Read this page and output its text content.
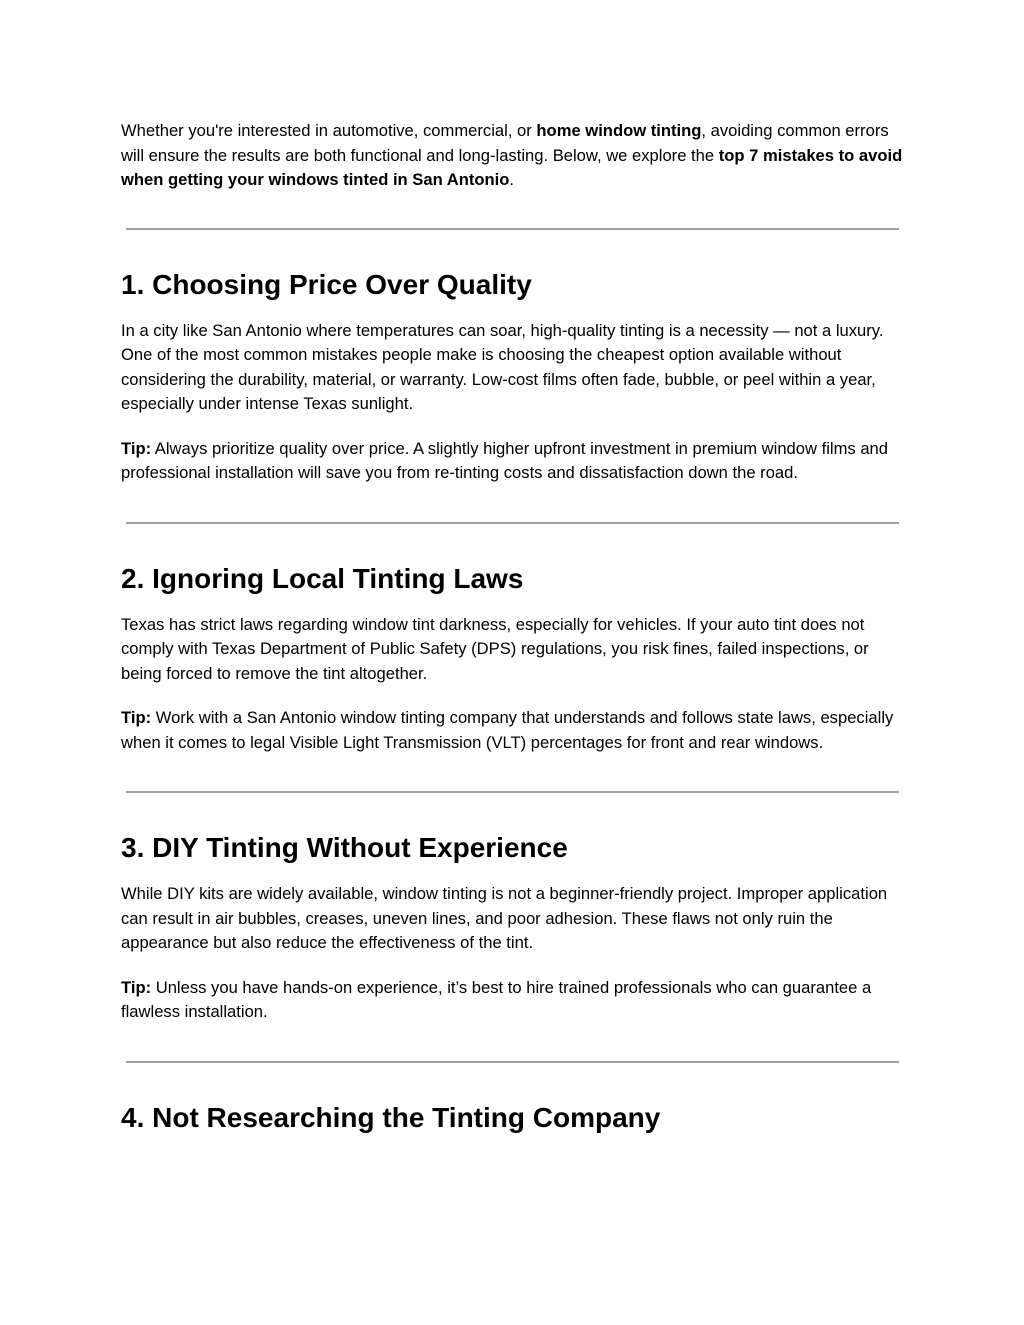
Whether you're interested in automotive, commercial, or home window tinting, avoiding common errors will ensure the results are both functional and long-lasting. Below, we explore the top 7 mistakes to avoid when getting your windows tinted in San Antonio.

1. Choosing Price Over Quality

In a city like San Antonio where temperatures can soar, high-quality tinting is a necessity — not a luxury. One of the most common mistakes people make is choosing the cheapest option available without considering the durability, material, or warranty. Low-cost films often fade, bubble, or peel within a year, especially under intense Texas sunlight.

Tip: Always prioritize quality over price. A slightly higher upfront investment in premium window films and professional installation will save you from re-tinting costs and dissatisfaction down the road.

2. Ignoring Local Tinting Laws

Texas has strict laws regarding window tint darkness, especially for vehicles. If your auto tint does not comply with Texas Department of Public Safety (DPS) regulations, you risk fines, failed inspections, or being forced to remove the tint altogether.

Tip: Work with a San Antonio window tinting company that understands and follows state laws, especially when it comes to legal Visible Light Transmission (VLT) percentages for front and rear windows.

3. DIY Tinting Without Experience

While DIY kits are widely available, window tinting is not a beginner-friendly project. Improper application can result in air bubbles, creases, uneven lines, and poor adhesion. These flaws not only ruin the appearance but also reduce the effectiveness of the tint.

Tip: Unless you have hands-on experience, it’s best to hire trained professionals who can guarantee a flawless installation.

4. Not Researching the Tinting Company
